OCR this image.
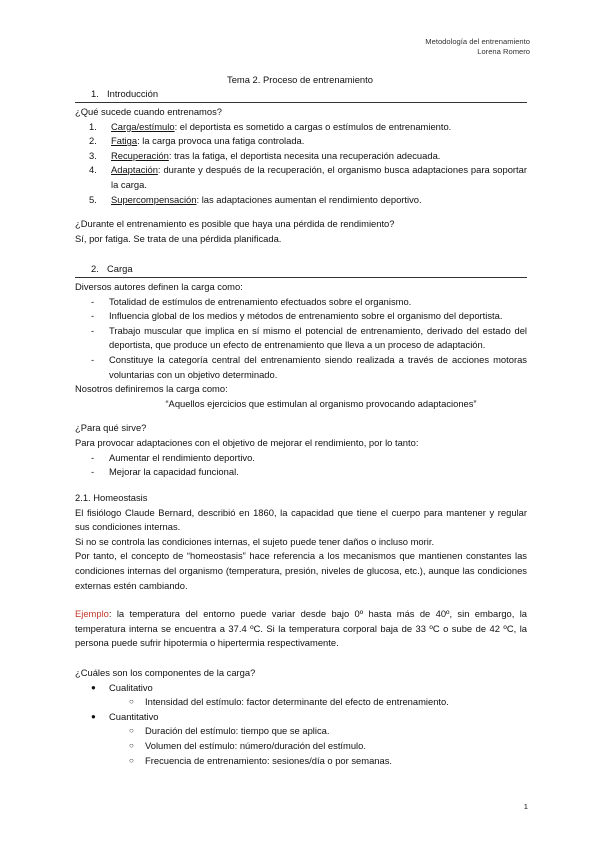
Metodología del entrenamiento
Lorena Romero
Tema 2. Proceso de entrenamiento
1. Introducción
¿Qué sucede cuando entrenamos?
1.	Carga/estímulo: el deportista es sometido a cargas o estímulos de entrenamiento.
2.	Fatiga: la carga provoca una fatiga controlada.
3.	Recuperación: tras la fatiga, el deportista necesita una recuperación adecuada.
4.	Adaptación: durante y después de la recuperación, el organismo busca adaptaciones para soportar la carga.
5.	Supercompensación: las adaptaciones aumentan el rendimiento deportivo.
¿Durante el entrenamiento es posible que haya una pérdida de rendimiento?
Sí, por fatiga. Se trata de una pérdida planificada.
2. Carga
Diversos autores definen la carga como:
-	Totalidad de estímulos de entrenamiento efectuados sobre el organismo.
-	Influencia global de los medios y métodos de entrenamiento sobre el organismo del deportista.
-	Trabajo muscular que implica en sí mismo el potencial de entrenamiento, derivado del estado del deportista, que produce un efecto de entrenamiento que lleva a un proceso de adaptación.
-	Constituye la categoría central del entrenamiento siendo realizada a través de acciones motoras voluntarias con un objetivo determinado.
Nosotros definiremos la carga como:
“Aquellos ejercicios que estimulan al organismo provocando adaptaciones”
¿Para qué sirve?
Para provocar adaptaciones con el objetivo de mejorar el rendimiento, por lo tanto:
-	Aumentar el rendimiento deportivo.
-	Mejorar la capacidad funcional.
2.1. Homeostasis
El fisiólogo Claude Bernard, describió en 1860, la capacidad que tiene el cuerpo para mantener y regular sus condiciones internas.
Si no se controla las condiciones internas, el sujeto puede tener daños o incluso morir.
Por tanto, el concepto de “homeostasis” hace referencia a los mecanismos que mantienen constantes las condiciones internas del organismo (temperatura, presión, niveles de glucosa, etc.), aunque las condiciones externas estén cambiando.
Ejemplo: la temperatura del entorno puede variar desde bajo 0º hasta más de 40º, sin embargo, la temperatura interna se encuentra a 37.4 ºC. Si la temperatura corporal baja de 33 ºC o sube de 42 ºC, la persona puede sufrir hipotermia o hipertermia respectivamente.
¿Cuáles son los componentes de la carga?
●	Cualitativo
○	Intensidad del estímulo: factor determinante del efecto de entrenamiento.
●	Cuantitativo
○	Duración del estímulo: tiempo que se aplica.
○	Volumen del estímulo: número/duración del estímulo.
○	Frecuencia de entrenamiento: sesiones/día o por semanas.
1
